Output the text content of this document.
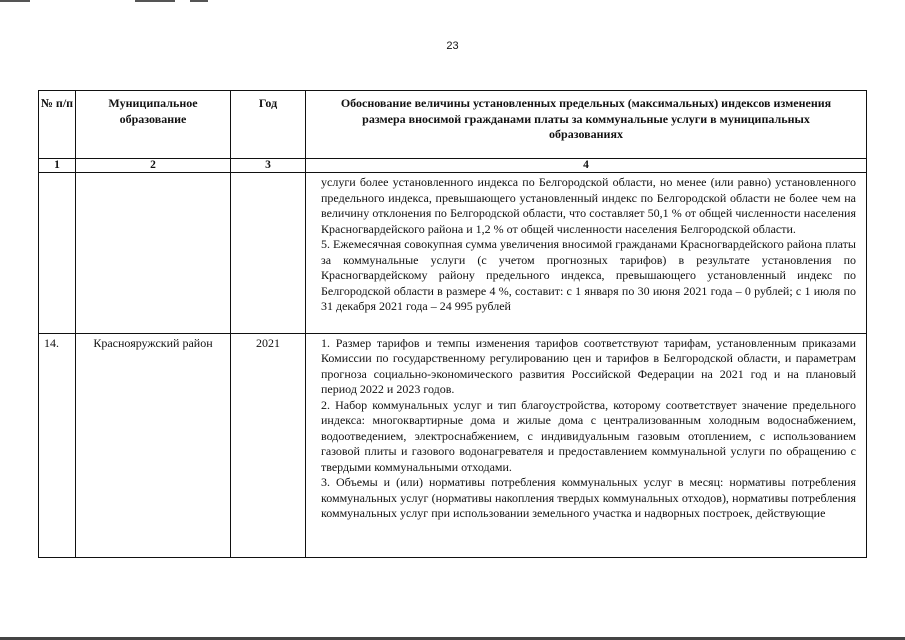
23
№ п/п	Муниципальное образование	Год	Обоснование величины установленных предельных (максимальных) индексов изменения размера вносимой гражданами платы за коммунальные услуги в муниципальных образованиях
1	2	3	4

			услуги более установленного индекса по Белгородской области, но менее (или равно) установленного предельного индекса, превышающего установленный индекс по Белгородской области не более чем на величину отклонения по Белгородской области, что составляет 50,1 % от общей численности населения Красногвардейского района и 1,2 % от общей численности населения Белгородской области.

5. Ежемесячная совокупная сумма увеличения вносимой гражданами Красногвардейского района платы за коммунальные услуги (с учетом прогнозных тарифов) в результате установления по Красногвардейскому району предельного индекса, превышающего установленный индекс по Белгородской области в размере 4 %, составит: с 1 января по 30 июня 2021 года – 0 рублей; с 1 июля по 31 декабря 2021 года – 24 995 рублей

14.	Краснояружский район	2021	1. Размер тарифов и темпы изменения тарифов соответствуют тарифам, установленным приказами Комиссии по государственному регулированию цен и тарифов в Белгородской области, и параметрам прогноза социально-экономического развития Российской Федерации на 2021 год и на плановый период 2022 и 2023 годов.

2. Набор коммунальных услуг и тип благоустройства, которому соответствует значение предельного индекса: многоквартирные дома и жилые дома с централизованным холодным водоснабжением, водоотведением, электроснабжением, с индивидуальным газовым отоплением, с использованием газовой плиты и газового водонагревателя и предоставлением коммунальной услуги по обращению с твердыми коммунальными отходами.

3. Объемы и (или) нормативы потребления коммунальных услуг в месяц: нормативы потребления коммунальных услуг (нормативы накопления твердых коммунальных отходов), нормативы потребления коммунальных услуг при использовании земельного участка и надворных построек, действующие
